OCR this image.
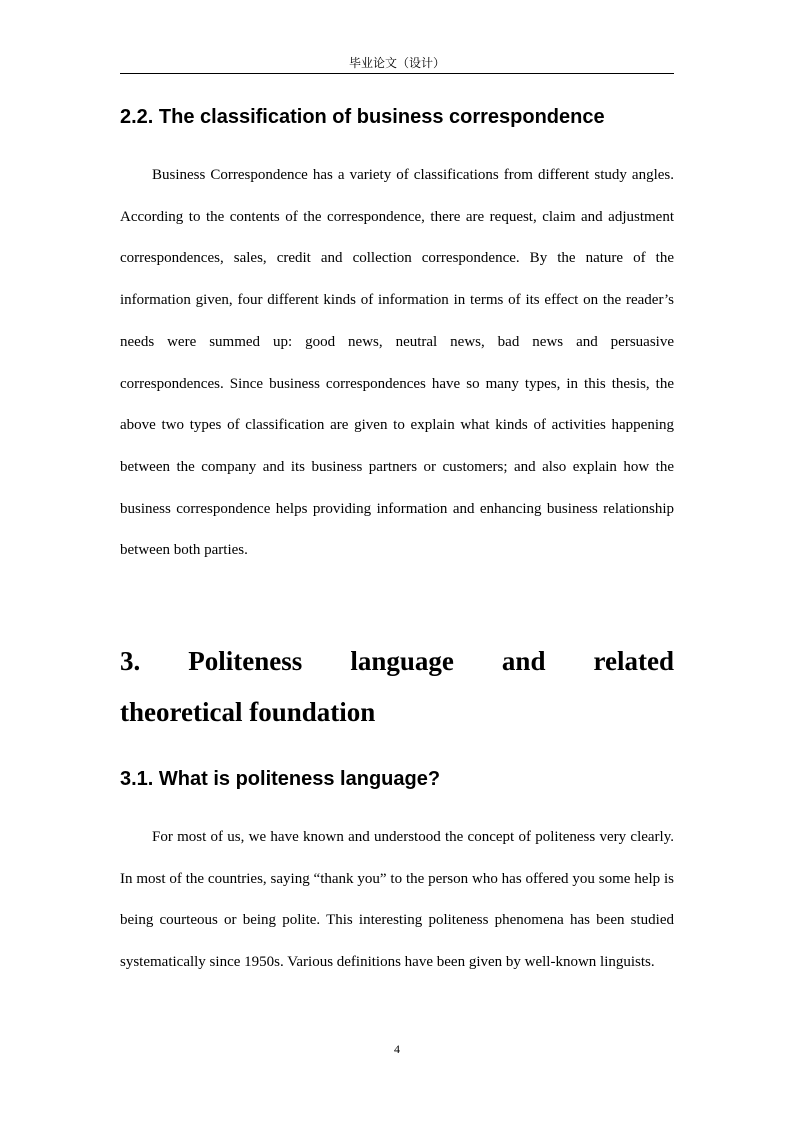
毕业论文（设计）
2.2. The classification of business correspondence

Business Correspondence has a variety of classifications from different study angles. According to the contents of the correspondence, there are request, claim and adjustment correspondences, sales, credit and collection correspondence. By the nature of the information given, four different kinds of information in terms of its effect on the reader’s needs were summed up: good news, neutral news, bad news and persuasive correspondences. Since business correspondences have so many types, in this thesis, the above two types of classification are given to explain what kinds of activities happening between the company and its business partners or customers; and also explain how the business correspondence helps providing information and enhancing business relationship between both parties.

3. Politeness language and related
theoretical foundation
3.1. What is politeness language?

For most of us, we have known and understood the concept of politeness very clearly. In most of the countries, saying “thank you” to the person who has offered you some help is being courteous or being polite. This interesting politeness phenomena has been studied systematically since 1950s. Various definitions have been given by well-known linguists.

4
